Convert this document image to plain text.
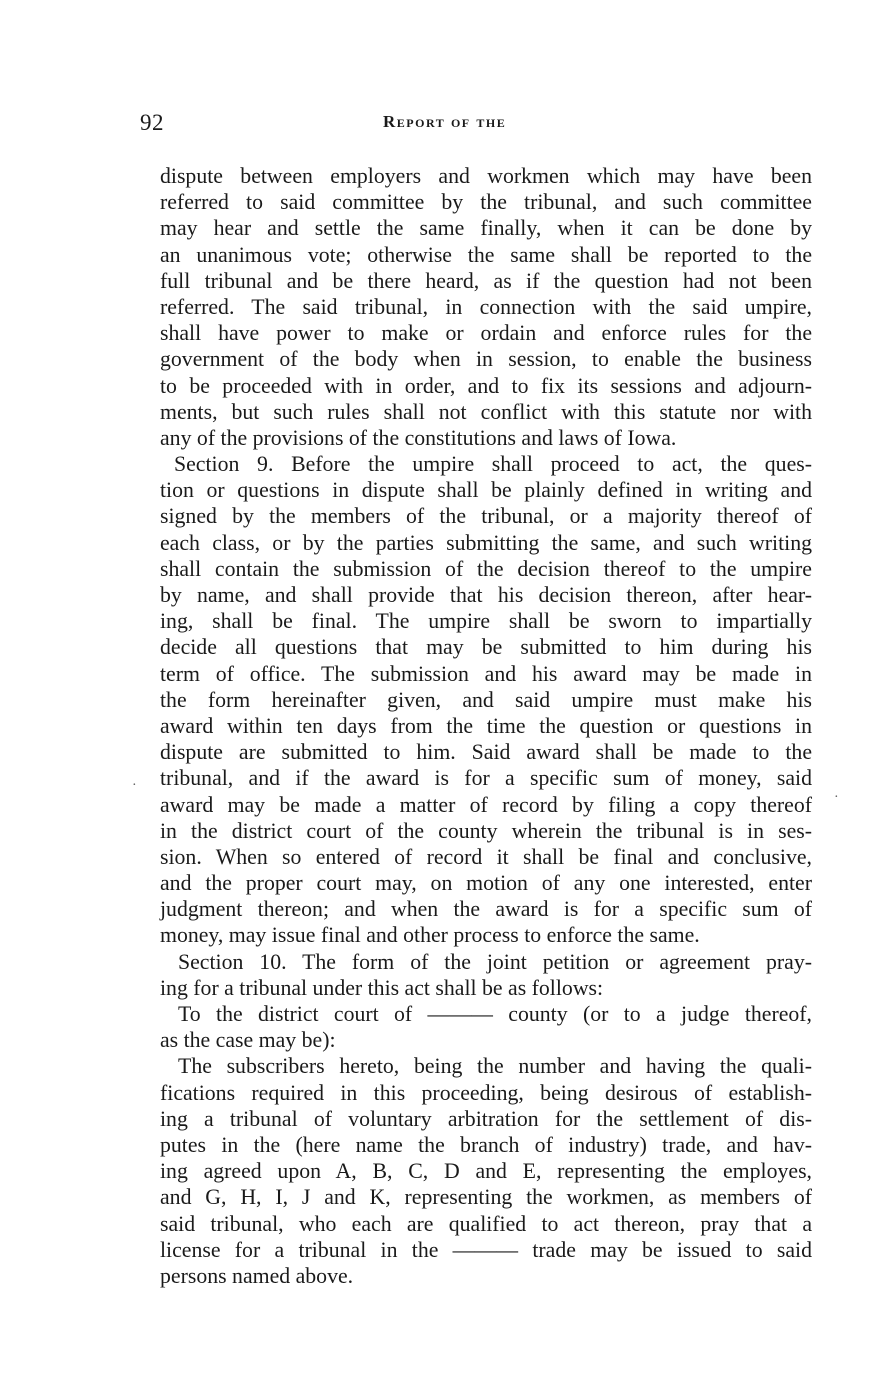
92	Report of the
dispute between employers and workmen which may have been
referred to said committee by the tribunal, and such committee
may hear and settle the same finally, when it can be done by
an unanimous vote; otherwise the same shall be reported to the
full tribunal and be there heard, as if the question had not been
referred. The said tribunal, in connection with the said umpire,
shall have power to make or ordain and enforce rules for the
government of the body when in session, to enable the business
to be proceeded with in order, and to fix its sessions and adjourn-
ments, but such rules shall not conflict with this statute nor with
any of the provisions of the constitutions and laws of Iowa.
Section 9. Before the umpire shall proceed to act, the ques-
tion or questions in dispute shall be plainly defined in writing and
signed by the members of the tribunal, or a majority thereof of
each class, or by the parties submitting the same, and such writing
shall contain the submission of the decision thereof to the umpire
by name, and shall provide that his decision thereon, after hear-
ing, shall be final. The umpire shall be sworn to impartially
decide all questions that may be submitted to him during his
term of office. The submission and his award may be made in
the form hereinafter given, and said umpire must make his
award within ten days from the time the question or questions in
dispute are submitted to him. Said award shall be made to the
tribunal, and if the award is for a specific sum of money, said
award may be made a matter of record by filing a copy thereof
in the district court of the county wherein the tribunal is in ses-
sion. When so entered of record it shall be final and conclusive,
and the proper court may, on motion of any one interested, enter
judgment thereon; and when the award is for a specific sum of
money, may issue final and other process to enforce the same.
Section 10. The form of the joint petition or agreement pray-
ing for a tribunal under this act shall be as follows:
To the district court of ——— county (or to a judge thereof,
as the case may be):
The subscribers hereto, being the number and having the quali-
fications required in this proceeding, being desirous of establish-
ing a tribunal of voluntary arbitration for the settlement of dis-
putes in the (here name the branch of industry) trade, and hav-
ing agreed upon A, B, C, D and E, representing the employes,
and G, H, I, J and K, representing the workmen, as members of
said tribunal, who each are qualified to act thereon, pray that a
license for a tribunal in the ——— trade may be issued to said
persons named above.
·
·
